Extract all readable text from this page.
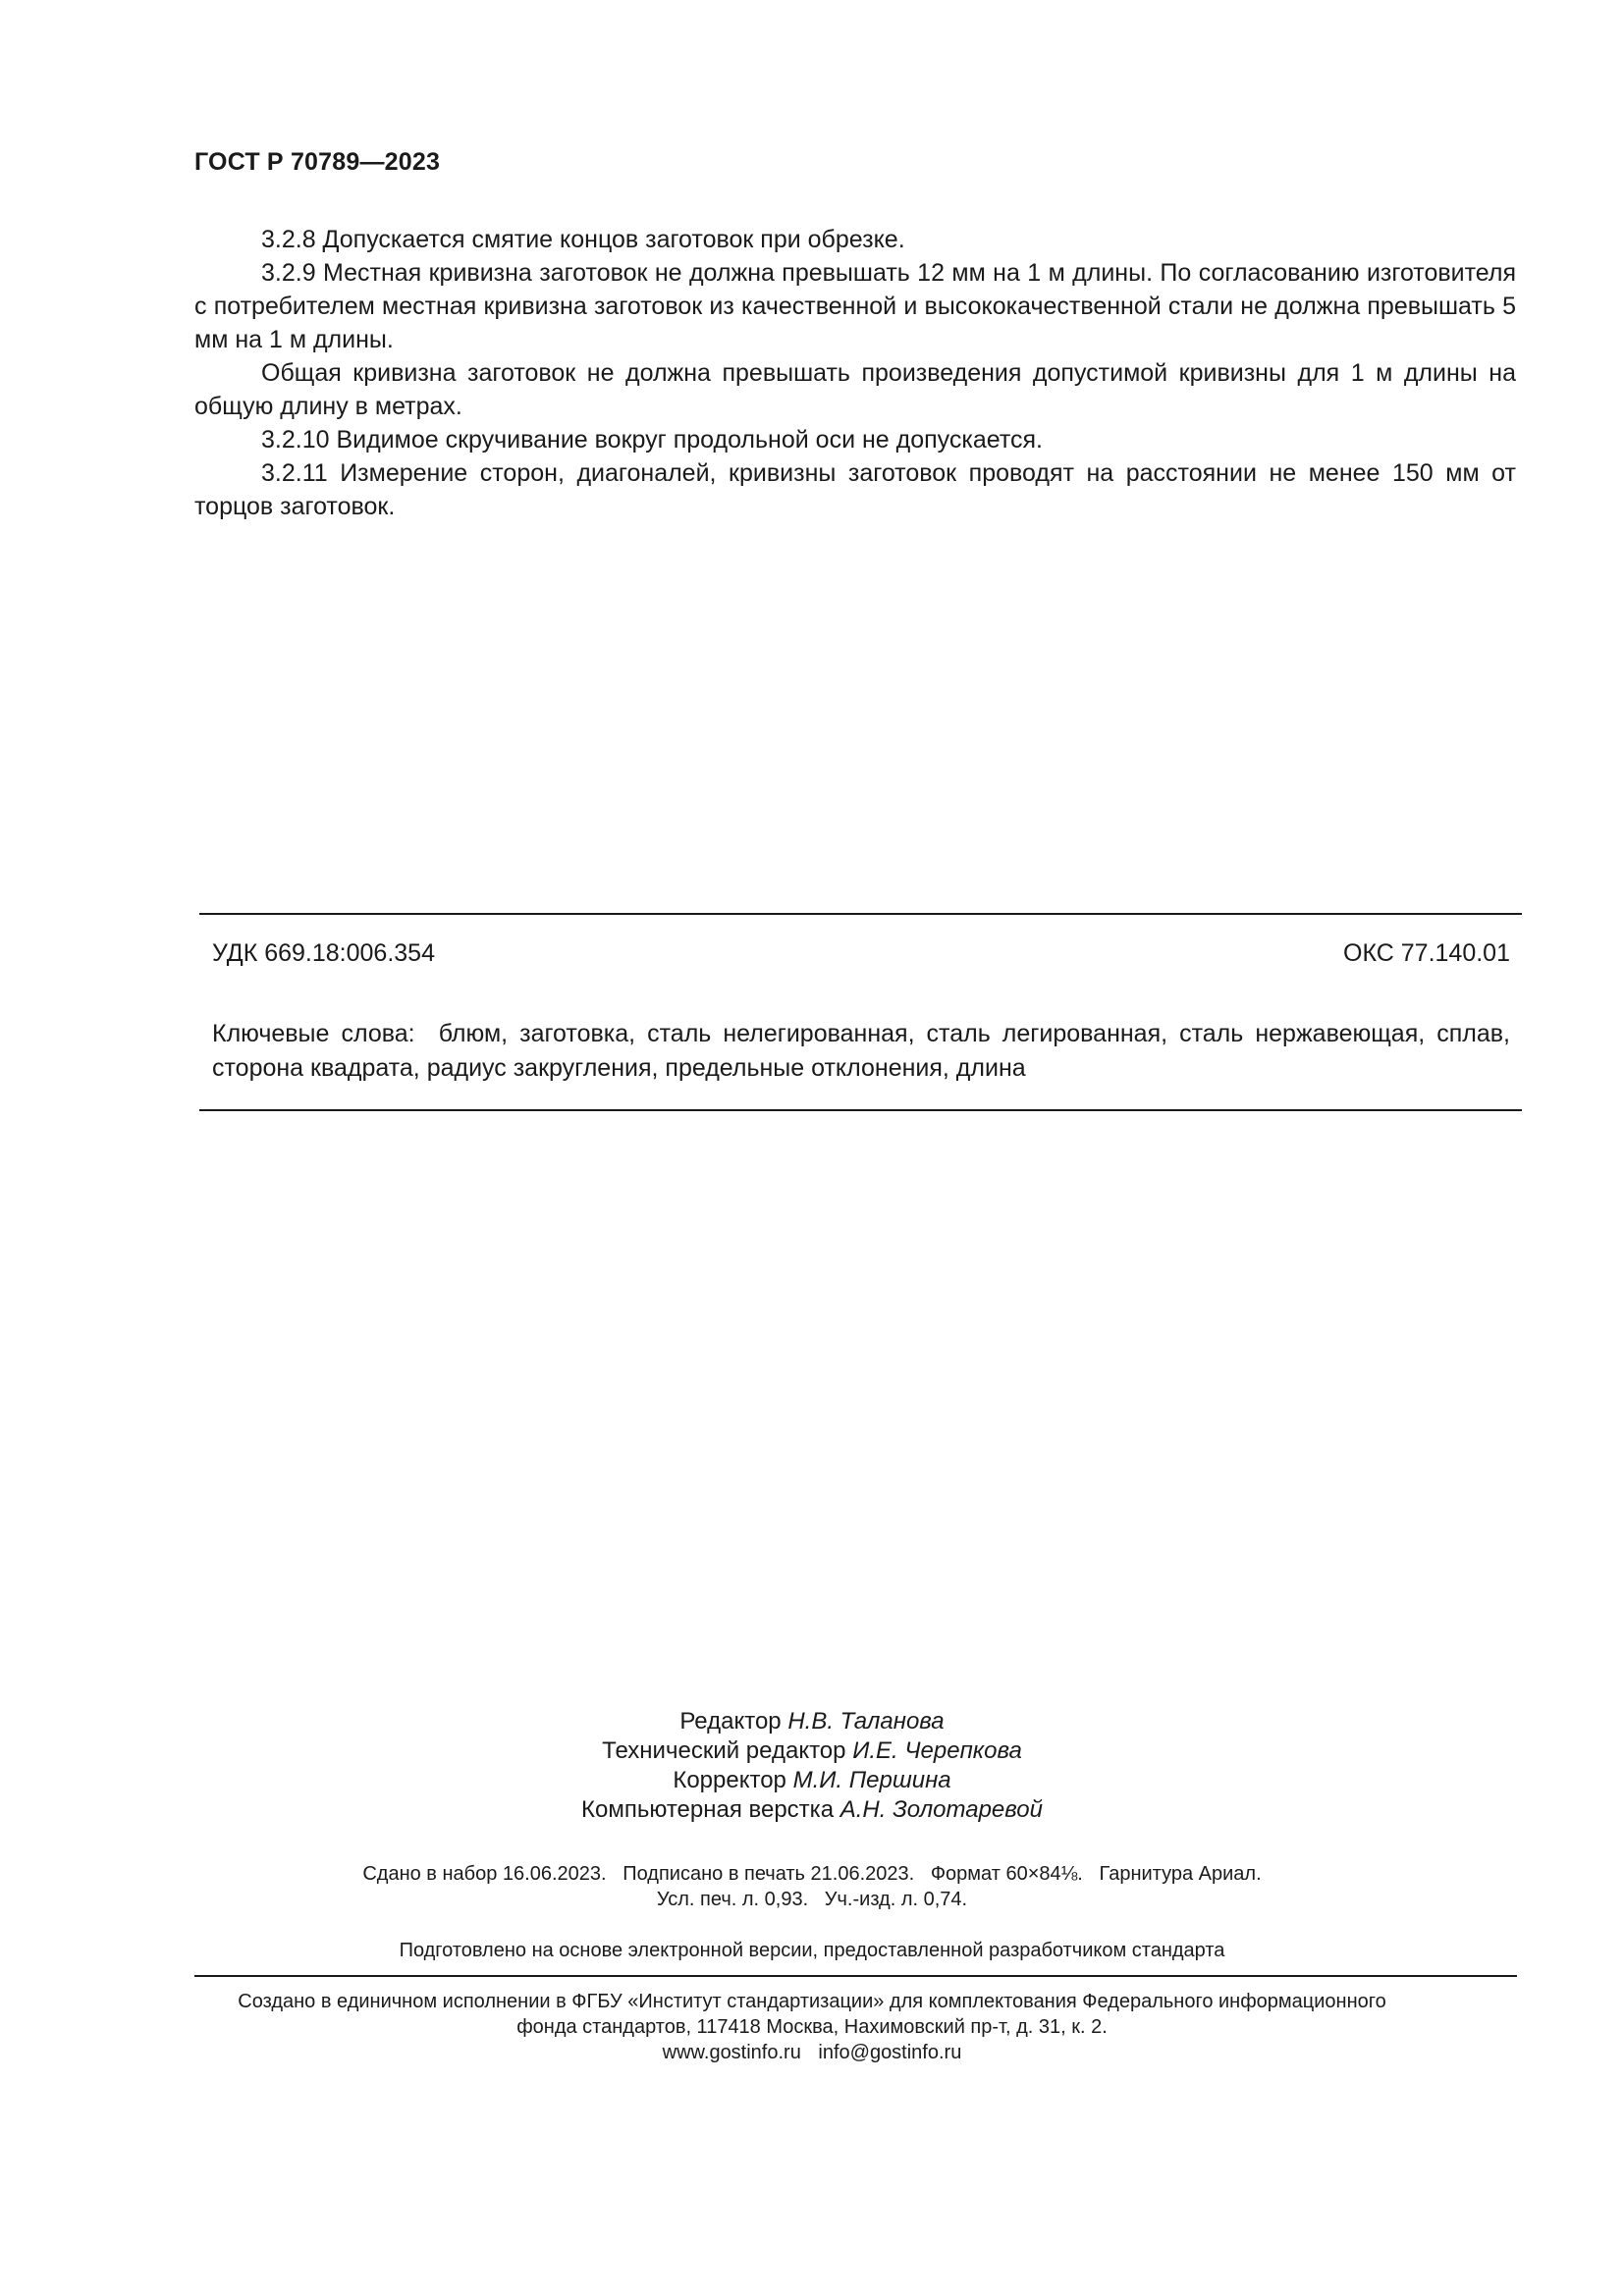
ГОСТ Р 70789—2023

3.2.8 Допускается смятие концов заготовок при обрезке.

3.2.9 Местная кривизна заготовок не должна превышать 12 мм на 1 м длины. По согласованию изготовителя с потребителем местная кривизна заготовок из качественной и высококачественной стали не должна превышать 5 мм на 1 м длины.

Общая кривизна заготовок не должна превышать произведения допустимой кривизны для 1 м длины на общую длину в метрах.

3.2.10 Видимое скручивание вокруг продольной оси не допускается.

3.2.11 Измерение сторон, диагоналей, кривизны заготовок проводят на расстоянии не менее 150 мм от торцов заготовок.

УДК 669.18:006.354	ОКС 77.140.01
Ключевые слова: блюм, заготовка, сталь нелегированная, сталь легированная, сталь нержавеющая, сплав, сторона квадрата, радиус закругления, предельные отклонения, длина
Редактор Н.В. Таланова
Технический редактор И.Е. Черепкова
Корректор М.И. Першина
Компьютерная верстка А.Н. Золотаревой
Сдано в набор 16.06.2023.   Подписано в печать 21.06.2023.   Формат 60×84⅛.   Гарнитура Ариал.
Усл. печ. л. 0,93.   Уч.-изд. л. 0,74.
Подготовлено на основе электронной версии, предоставленной разработчиком стандарта
Создано в единичном исполнении в ФГБУ «Институт стандартизации» для комплектования Федерального информационного
фонда стандартов, 117418 Москва, Нахимовский пр-т, д. 31, к. 2.
www.gostinfo.ru info@gostinfo.ru
